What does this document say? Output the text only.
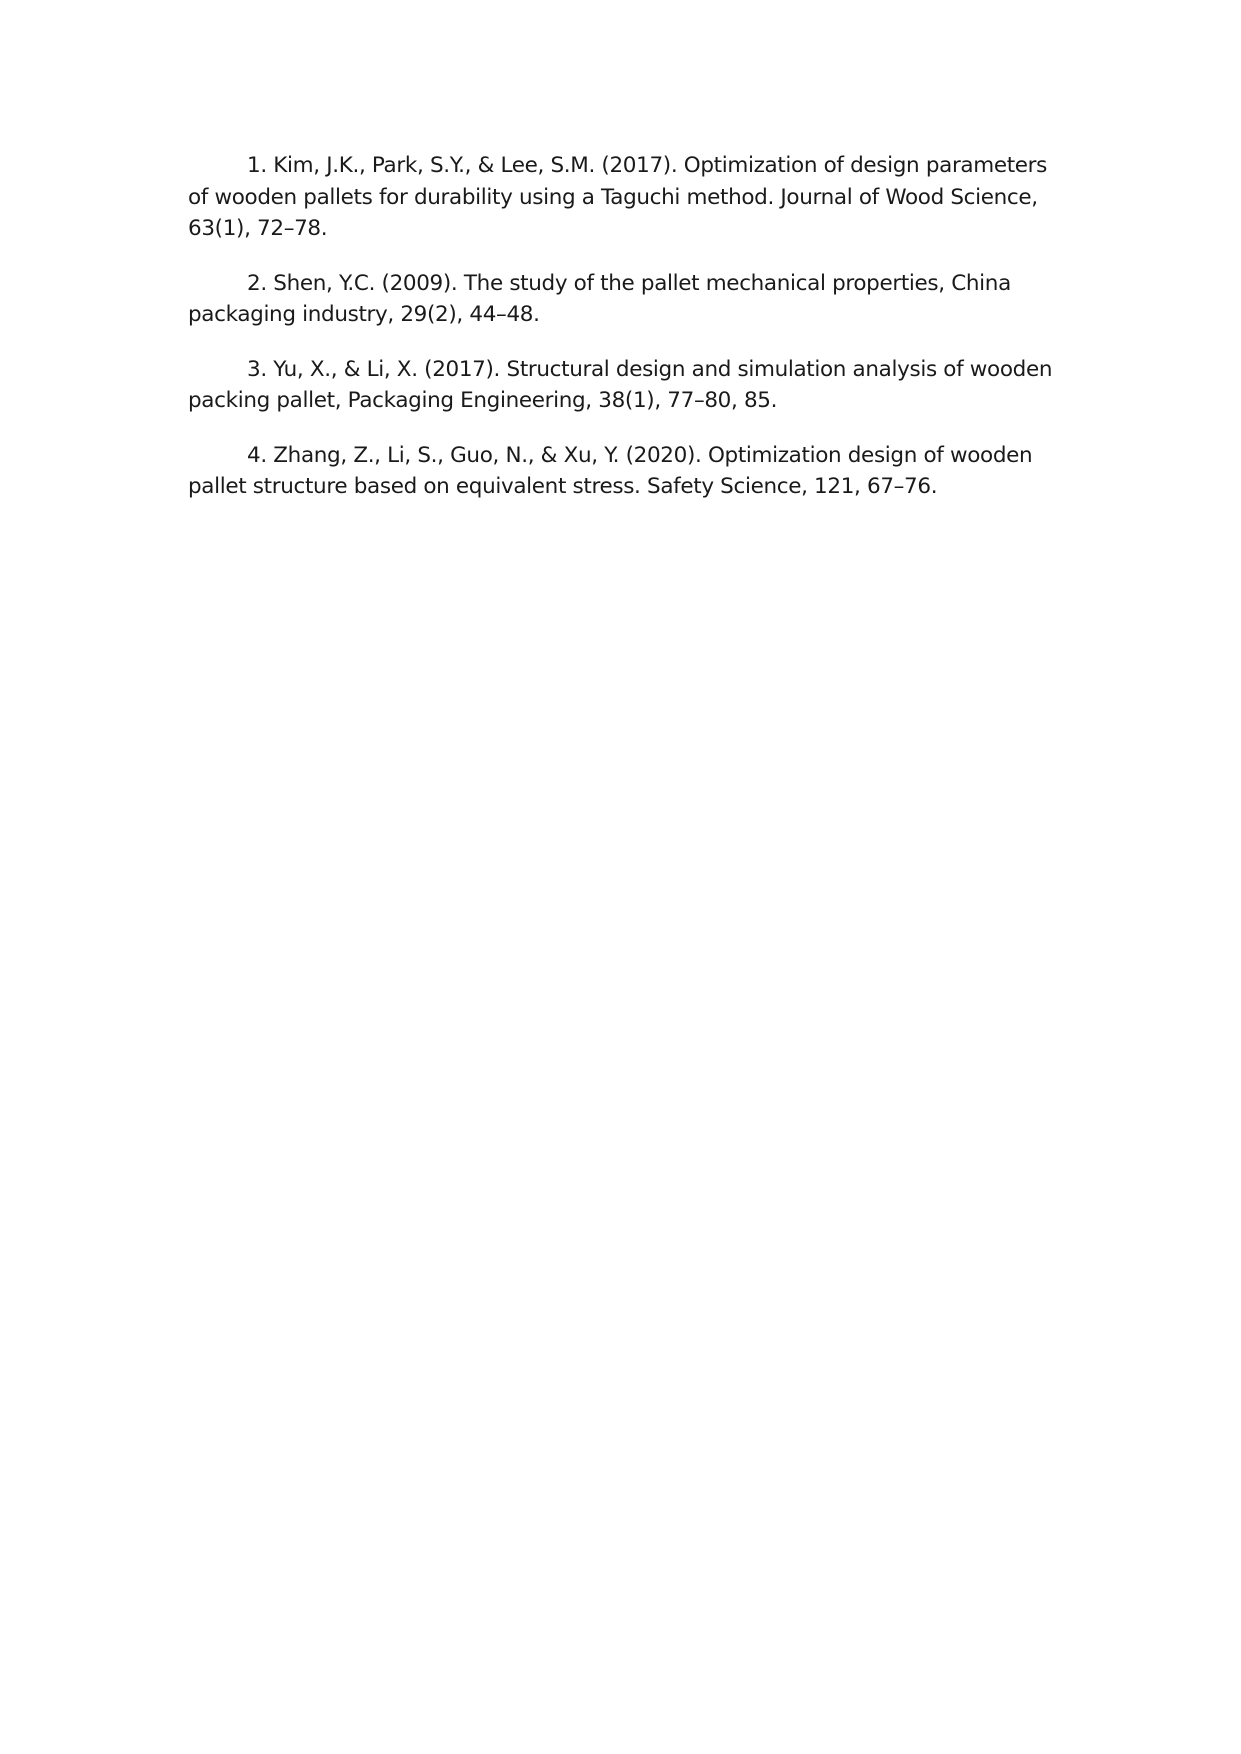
1. Kim, J.K., Park, S.Y., & Lee, S.M. (2017). Optimization of design parameters of wooden pallets for durability using a Taguchi method. Journal of Wood Science, 63(1), 72–78.

2. Shen, Y.C. (2009). The study of the pallet mechanical properties, China packaging industry, 29(2), 44–48.

3. Yu, X., & Li, X. (2017). Structural design and simulation analysis of wooden packing pallet, Packaging Engineering, 38(1), 77–80, 85.

4. Zhang, Z., Li, S., Guo, N., & Xu, Y. (2020). Optimization design of wooden pallet structure based on equivalent stress. Safety Science, 121, 67–76.
